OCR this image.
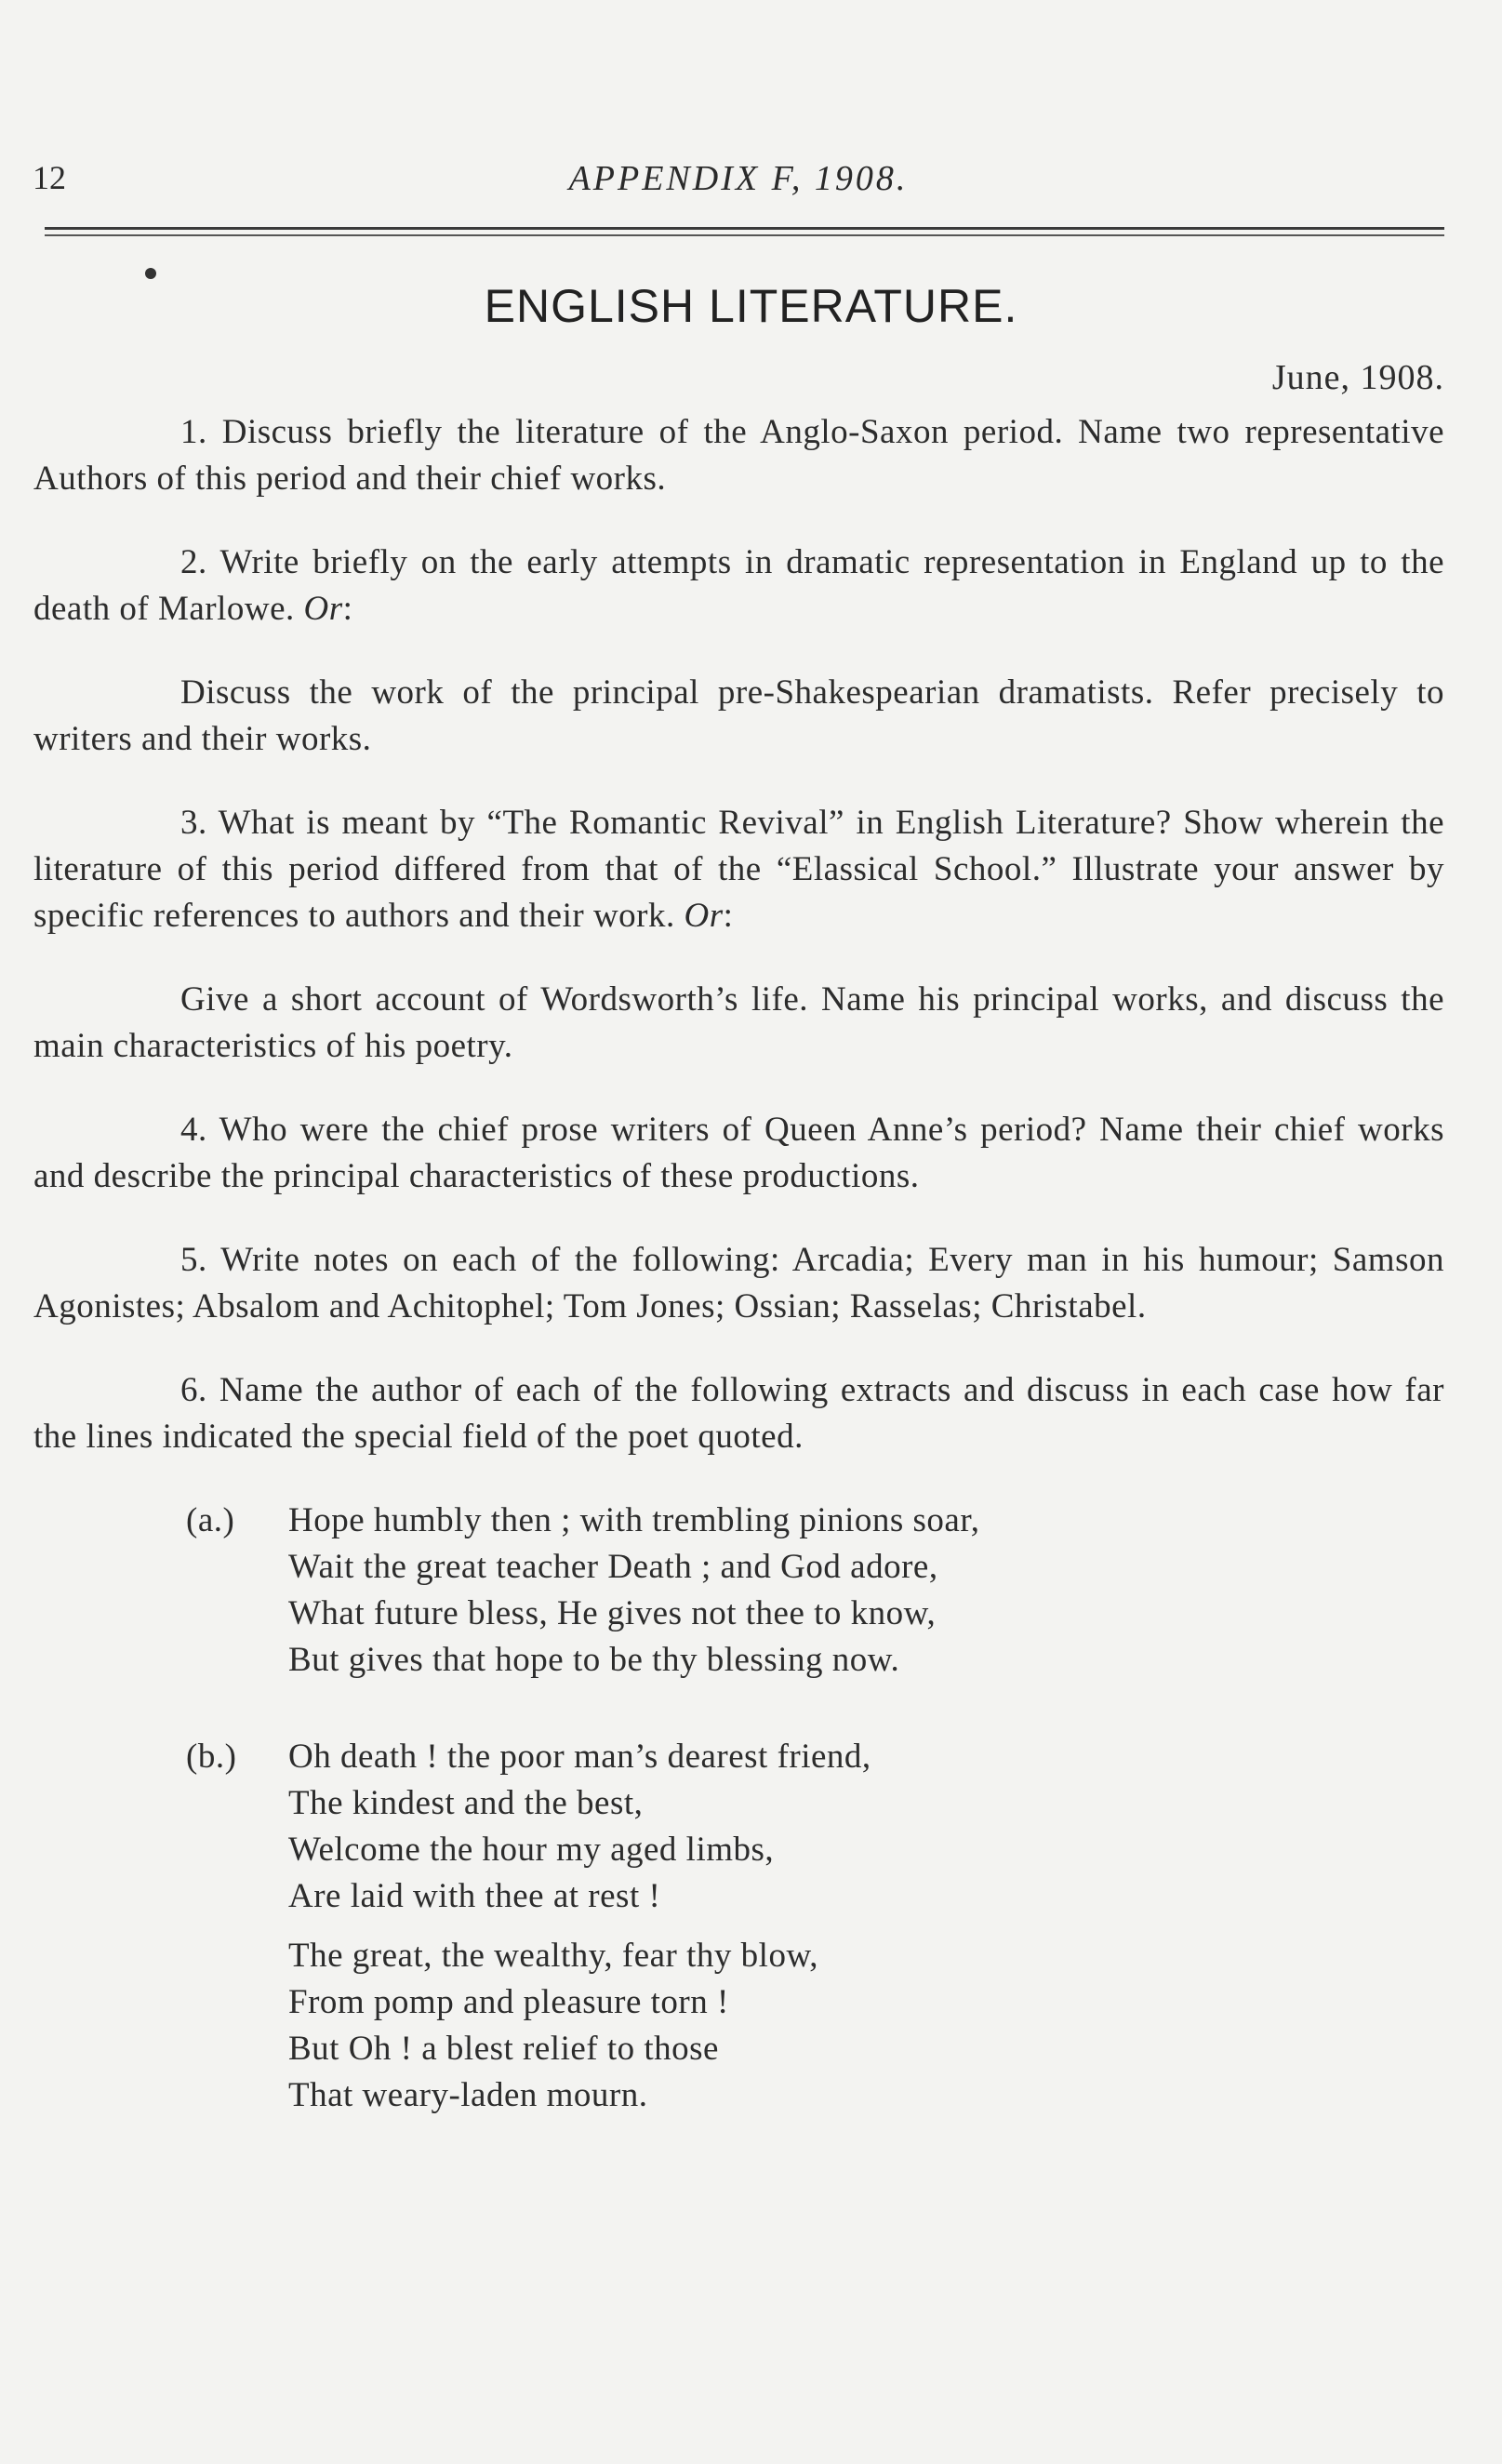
12	APPENDIX F, 1908.
ENGLISH LITERATURE.
June, 1908.

1. Discuss briefly the literature of the Anglo-Saxon period. Name two representative Authors of this period and their chief works.

2. Write briefly on the early attempts in dramatic representation in England up to the death of Marlowe. Or:

Discuss the work of the principal pre-Shakespearian dramatists. Refer precisely to writers and their works.

3. What is meant by “The Romantic Revival” in English Literature? Show wherein the literature of this period differed from that of the “Elassical School.” Illustrate your answer by specific references to authors and their work. Or:

Give a short account of Wordsworth’s life. Name his principal works, and discuss the main characteristics of his poetry.

4. Who were the chief prose writers of Queen Anne’s period? Name their chief works and describe the principal characteristics of these productions.

5. Write notes on each of the following: Arcadia; Every man in his humour; Samson Agonistes; Absalom and Achitophel; Tom Jones; Ossian; Rasselas; Christabel.

6. Name the author of each of the following extracts and discuss in each case how far the lines indicated the special field of the poet quoted.

(a.)	Hope humbly then ; with trembling pinions soar,
Wait the great teacher Death ; and God adore,
What future bless, He gives not thee to know,
But gives that hope to be thy blessing now.
(b.)	Oh death ! the poor man’s dearest friend,
The kindest and the best,
Welcome the hour my aged limbs,
Are laid with thee at rest !
The great, the wealthy, fear thy blow,
From pomp and pleasure torn !
But Oh ! a blest relief to those
That weary-laden mourn.
